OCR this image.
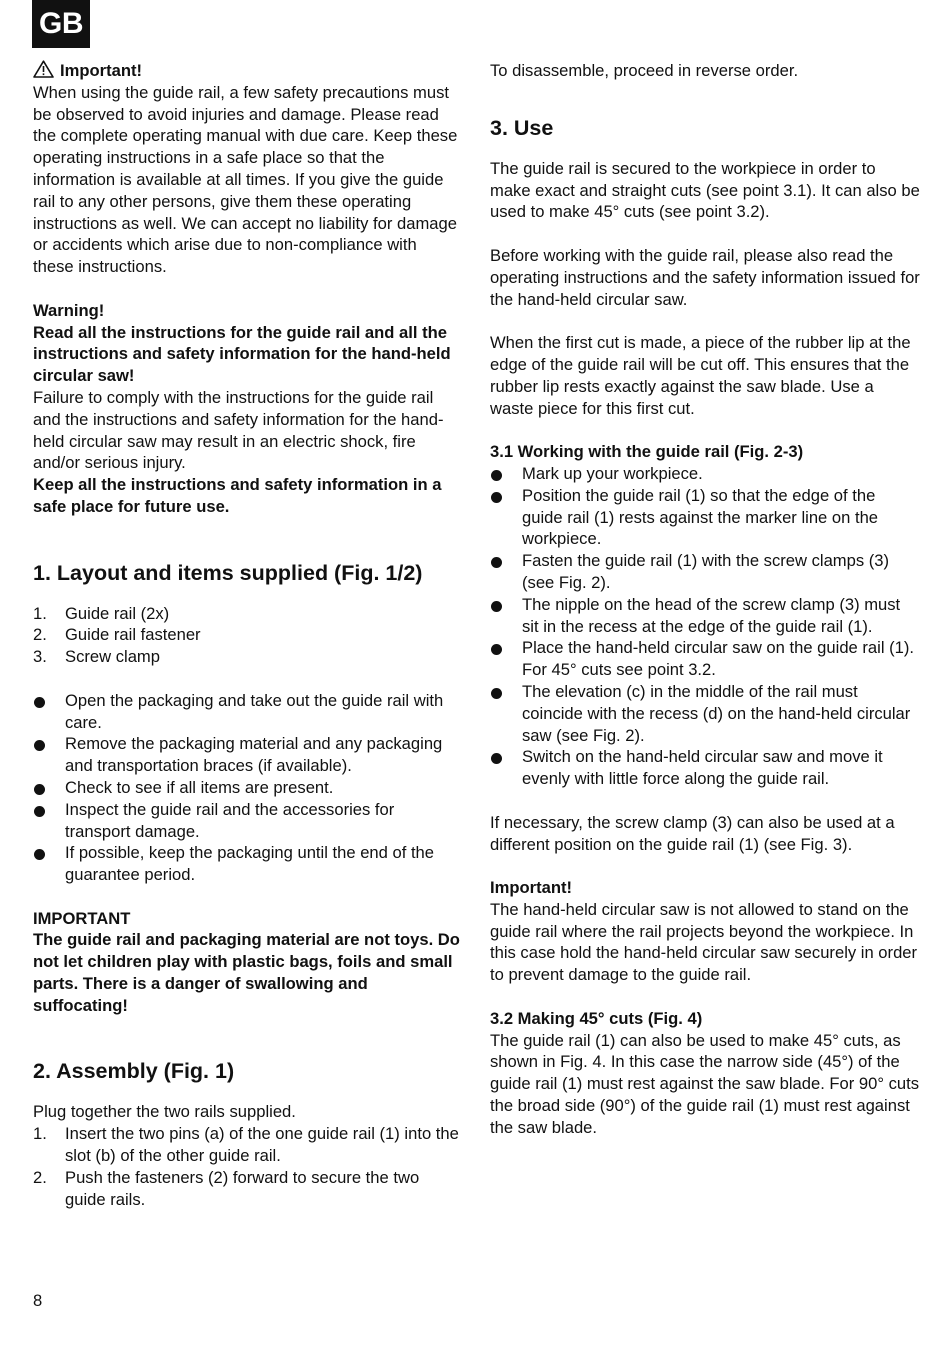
GB

Important!

When using the guide rail, a few safety precautions must be observed to avoid injuries and damage. Please read the complete operating manual with due care. Keep these operating instructions in a safe place so that the information is available at all times. If you give the guide rail to any other persons, give them these operating instructions as well. We can accept no liability for damage or accidents which arise due to non-compliance with these instructions.

Warning!

Read all the instructions for the guide rail and all the instructions and safety information for the hand-held circular saw!

Failure to comply with the instructions for the guide rail and the instructions and safety information for the hand-held circular saw may result in an electric shock, fire and/or serious injury.

Keep all the instructions and safety information in a safe place for future use.

1. Layout and items supplied (Fig. 1/2)
1. Guide rail (2x)
2. Guide rail fastener
3. Screw clamp
Open the packaging and take out the guide rail with care.
Remove the packaging material and any packaging and transportation braces (if available).
Check to see if all items are present.
Inspect the guide rail and the accessories for transport damage.
If possible, keep the packaging until the end of the guarantee period.

IMPORTANT

The guide rail and packaging material are not toys. Do not let children play with plastic bags, foils and small parts. There is a danger of swallowing and suffocating!

2. Assembly (Fig. 1)

Plug together the two rails supplied.

1. Insert the two pins (a) of the one guide rail (1) into the slot (b) of the other guide rail.
2. Push the fasteners (2) forward to secure the two guide rails.

To disassemble, proceed in reverse order.

3. Use

The guide rail is secured to the workpiece in order to make exact and straight cuts (see point 3.1). It can also be used to make 45° cuts (see point 3.2).

Before working with the guide rail, please also read the operating instructions and the safety information issued for the hand-held circular saw.

When the first cut is made, a piece of the rubber lip at the edge of the guide rail will be cut off. This ensures that the rubber lip rests exactly against the saw blade. Use a waste piece for this first cut.

3.1 Working with the guide rail (Fig. 2-3)

Mark up your workpiece.
Position the guide rail (1) so that the edge of the guide rail (1) rests against the marker line on the workpiece.
Fasten the guide rail (1) with the screw clamps (3) (see Fig. 2).
The nipple on the head of the screw clamp (3) must sit in the recess at the edge of the guide rail (1).
Place the hand-held circular saw on the guide rail (1). For 45° cuts see point 3.2.
The elevation (c) in the middle of the rail must coincide with the recess (d) on the hand-held circular saw (see Fig. 2).
Switch on the hand-held circular saw and move it evenly with little force along the guide rail.

If necessary, the screw clamp (3) can also be used at a different position on the guide rail (1) (see Fig. 3).

Important!

The hand-held circular saw is not allowed to stand on the guide rail where the rail projects beyond the workpiece. In this case hold the hand-held circular saw securely in order to prevent damage to the guide rail.

3.2 Making 45° cuts (Fig. 4)

The guide rail (1) can also be used to make 45° cuts, as shown in Fig. 4. In this case the narrow side (45°) of the guide rail (1) must rest against the saw blade. For 90° cuts the broad side (90°) of the guide rail (1) must rest against the saw blade.

8
